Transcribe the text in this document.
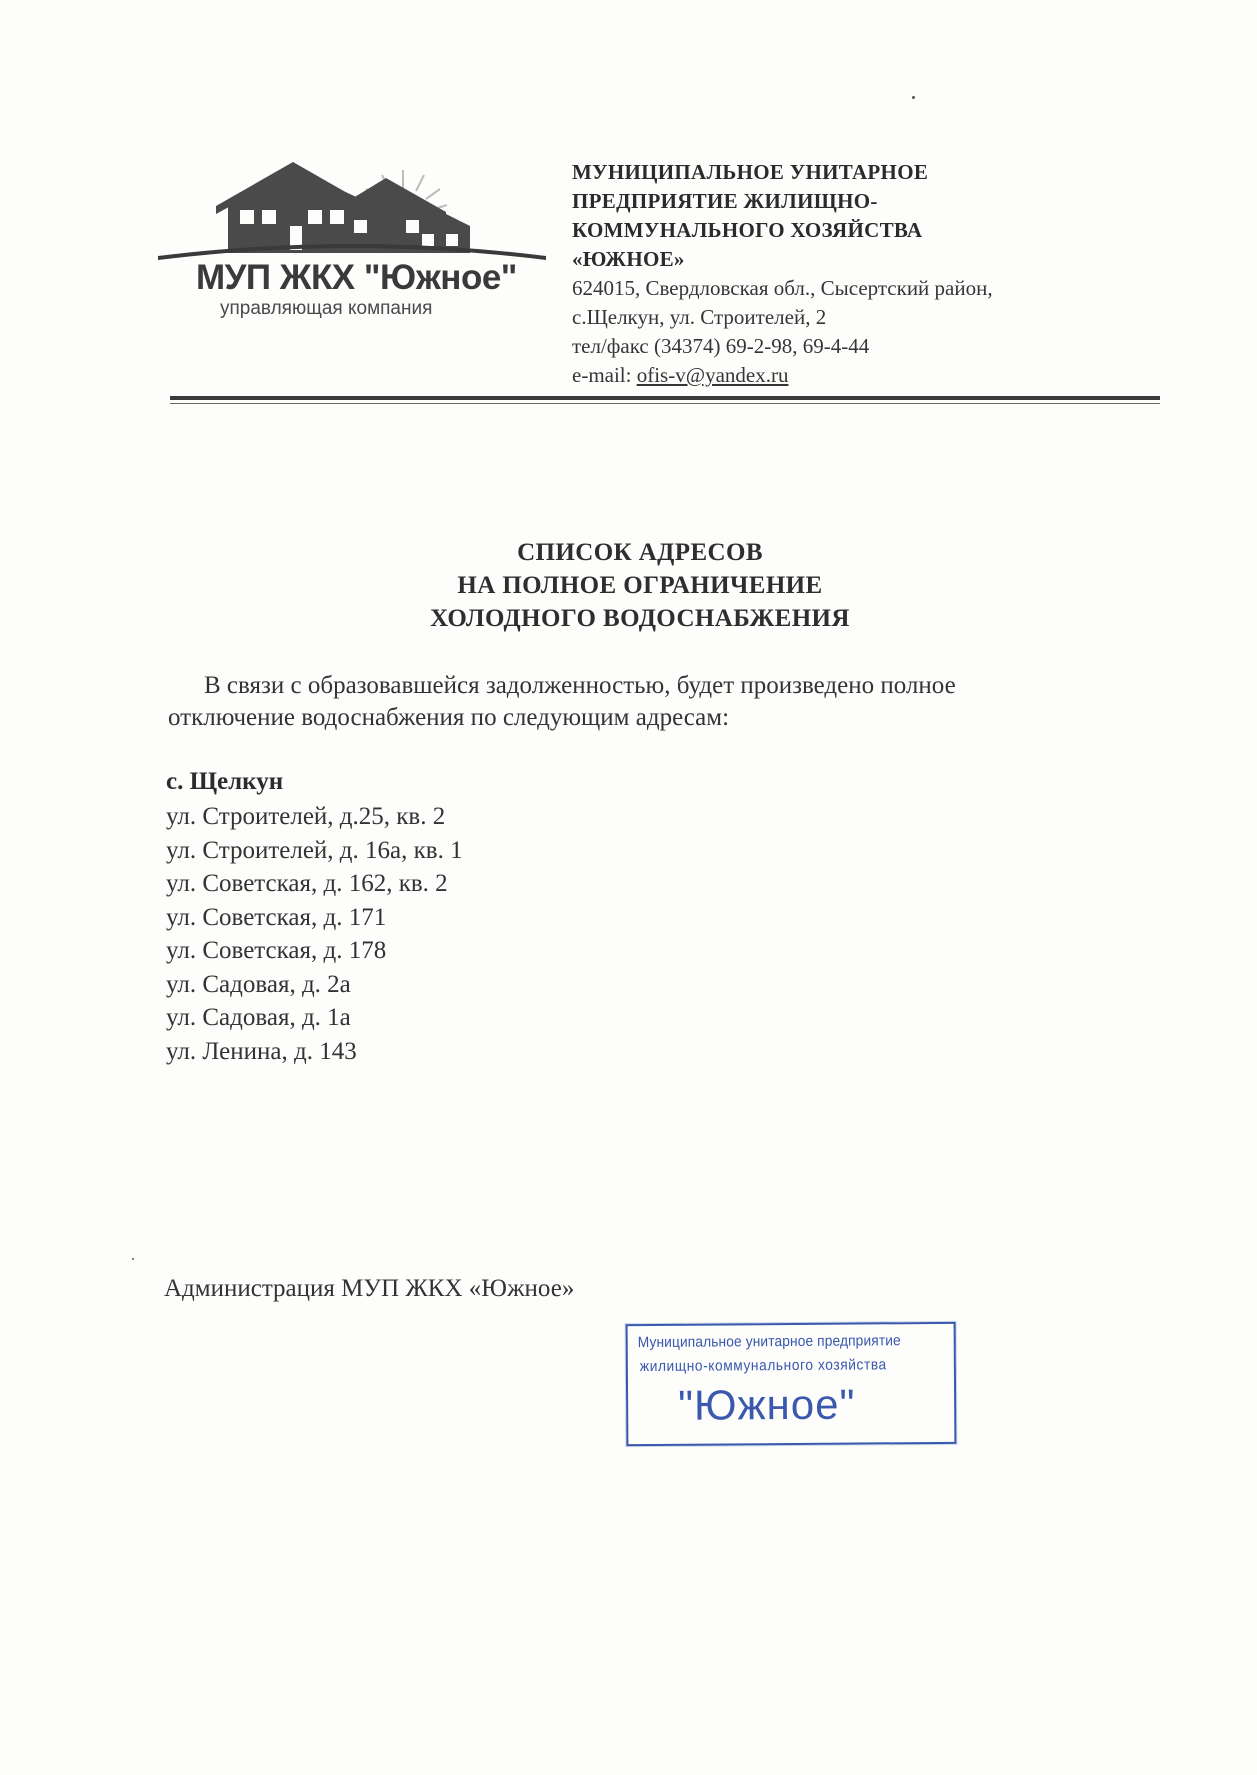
МУП ЖКХ "Южное"
управляющая компания
МУНИЦИПАЛЬНОЕ УНИТАРНОЕ
ПРЕДПРИЯТИЕ ЖИЛИЩНО-
КОММУНАЛЬНОГО ХОЗЯЙСТВА
«ЮЖНОЕ»
624015, Свердловская обл., Сысертский район,
с.Щелкун, ул. Строителей, 2
тел/факс (34374) 69-2-98, 69-4-44
e-mail: ofis-v@yandex.ru
СПИСОК АДРЕСОВ
НА ПОЛНОЕ ОГРАНИЧЕНИЕ
ХОЛОДНОГО ВОДОСНАБЖЕНИЯ
В связи с образовавшейся задолженностью, будет произведено полное
отключение водоснабжения по следующим адресам:
с. Щелкун
ул. Строителей, д.25, кв. 2
ул. Строителей, д. 16а, кв. 1
ул. Советская, д. 162, кв. 2
ул. Советская, д. 171
ул. Советская, д. 178
ул. Садовая, д. 2а
ул. Садовая, д. 1а
ул. Ленина, д. 143
Администрация МУП ЖКХ «Южное»
Муниципальное унитарное предприятие
жилищно-коммунального хозяйства
"Южное"
